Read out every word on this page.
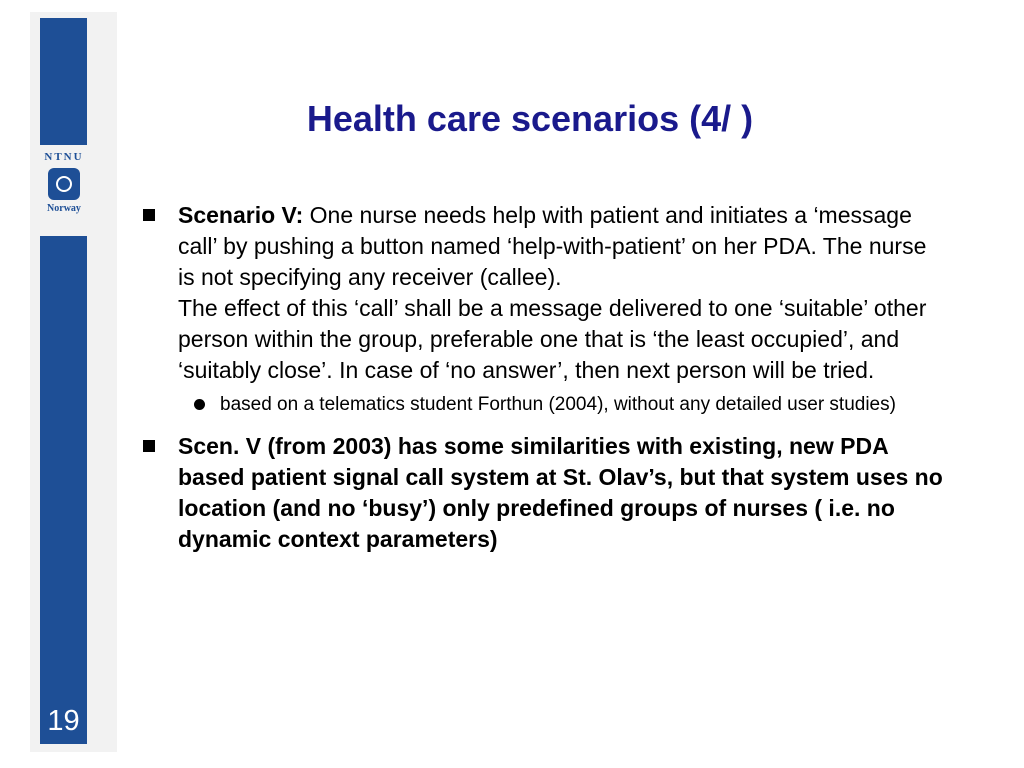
NTNU
Norway
19
Health care scenarios (4/ )
Scenario V: One nurse needs help with patient and initiates a ‘message call’ by pushing a button named ‘help-with-patient’ on her PDA. The nurse is not specifying any receiver (callee).
The effect of this ‘call’ shall be a message delivered to one ‘suitable’ other person within the group, preferable one that is ‘the least occupied’, and ‘suitably close’. In case of ‘no answer’, then next person will be tried.
based on a telematics student Forthun (2004), without any detailed user studies)
Scen. V (from 2003) has some similarities with existing, new PDA based patient signal call system at St. Olav’s, but that system uses no location (and no ‘busy’) only predefined groups of nurses ( i.e. no dynamic context parameters)
